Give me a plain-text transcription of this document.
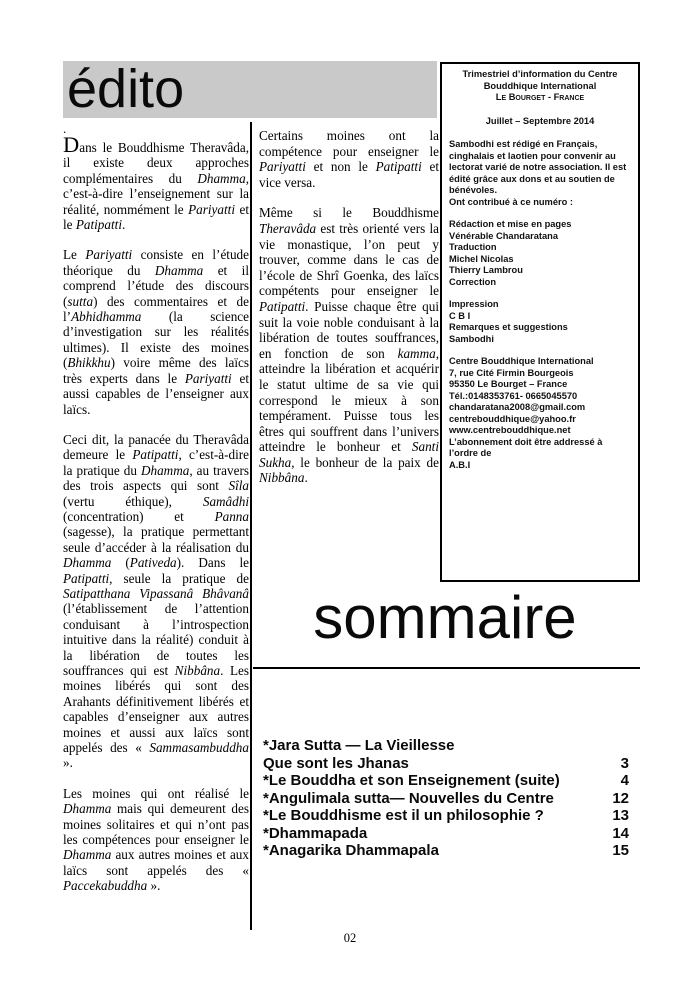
édito	Trimestriel d’information du Centre
Bouddhique International
Le Bourget - France
Juillet – Septembre 2014
Sambodhi est rédigé en Français, cinghalais et laotien pour convenir au lectorat varié de notre association. Il est édité grâce aux dons et au soutien de bénévoles.
Ont contribué à ce numéro :
Rédaction et mise en pages
Vénérable Chandaratana
Traduction
Michel Nicolas
Thierry Lambrou
Correction
Impression
C B I
Remarques et suggestions
Sambodhi
Centre Bouddhique International
7, rue Cité Firmin Bourgeois
95350 Le Bourget – France
Tél.:0148353761- 0665045570
chandaratana2008@gmail.com
centrebouddhique@yahoo.fr
www.centrebouddhique.net
L’abonnement doit être addressé à l’ordre de
A.B.I
.

Dans le Bouddhisme Theravâda, il existe deux approches complémentaires du Dhamma, c’est-à-dire l’enseignement sur la réalité, nommément le Pariyatti et le Patipatti.

Le Pariyatti consiste en l’étude théorique du Dhamma et il comprend l’étude des discours (sutta) des commentaires et de l’Abhidhamma (la science d’investigation sur les réalités ultimes). Il existe des moines (Bhikkhu) voire même des laïcs très experts dans le Pariyatti et aussi capables de l’enseigner aux laïcs.

Ceci dit, la panacée du Theravâda demeure le Patipatti, c’est-à-dire la pratique du Dhamma, au travers des trois aspects qui sont Sîla (vertu éthique), Samâdhi (concentration) et Panna (sagesse), la pratique permettant seule d’accéder à la réalisation du Dhamma (Pativeda). Dans le Patipatti, seule la pratique de Satipatthana Vipassanâ Bhâvanâ (l’établissement de l’attention conduisant à l’introspection intuitive dans la réalité) conduit à la libération de toutes les souffrances qui est Nibbâna. Les moines libérés qui sont des Arahants définitivement libérés et capables d’enseigner aux autres moines et aussi aux laïcs sont appelés des « Sammasambuddha ».

Les moines qui ont réalisé le Dhamma mais qui demeurent des moines solitaires et qui n’ont pas les compétences pour enseigner le Dhamma aux autres moines et aux laïcs sont appelés des « Paccekabuddha ».

Certains moines ont la compétence pour enseigner le Pariyatti et non le Patipatti et vice versa.

Même si le Bouddhisme Theravâda est très orienté vers la vie monastique, l’on peut y trouver, comme dans le cas de l’école de Shrî Goenka, des laïcs compétents pour enseigner le Patipatti. Puisse chaque être qui suit la voie noble conduisant à la libération de toutes souffrances, en fonction de son kamma, atteindre la libération et acquérir le statut ultime de sa vie qui correspond le mieux à son tempérament. Puisse tous les êtres qui souffrent dans l’univers atteindre le bonheur et Santi Sukha, le bonheur de la paix de Nibbâna.

sommaire
*Jara Sutta — La Vieillesse
Que sont les Jhanas	3
*Le Bouddha et son Enseignement (suite)	4
*Angulimala sutta— Nouvelles du Centre	12
*Le Bouddhisme est il un philosophie ?	13
*Dhammapada	14
*Anagarika Dhammapala	15
02
